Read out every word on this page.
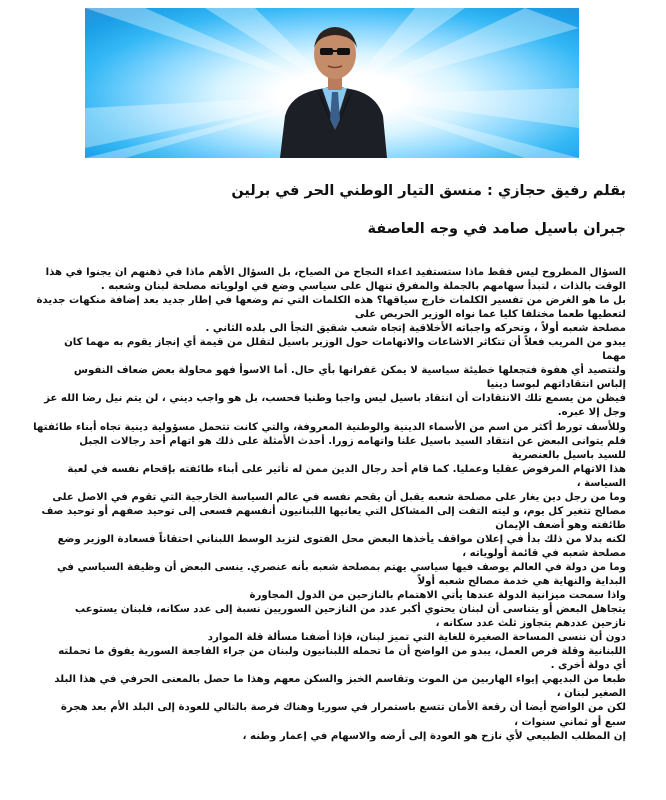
بقلم رفيق حجازي : منسق التيار الوطني الحر في برلين
جبران باسيل صامد في وجه العاصفة

السؤال المطروح ليس فقط ماذا ستستفيد اعداء النجاح من الصياح، بل السؤال الأهم ماذا في ذهنهم ان يجنوا في هذا

الوقت بالذات ، لتبدأ سهامهم بالجملة والمفرق تنهال على سياسي وضع في اولوياته مصلحة لبنان وشعبه .

بل ما هو الغرض من تفسير الكلمات خارج سياقها؟ هذه الكلمات التي تم وضعها في إطار جديد بعد إضافة منكهات جديدة

لتعطيها طعما مختلفا كليا عما نواه الوزير الحريص على

مصلحة شعبه أولاً ، وتحركه واجباته الأخلاقية إتجاه شعب شقيق التجأ الى بلده الثاني .

يبدو من المريب فعلاً أن تتكاثر الاشاعات والاتهامات حول الوزير باسيل لتقلل من قيمة أي إنجاز يقوم به مهما كان

مهما

ولتتصيد أي هفوة فتجعلها خطيئة سياسية لا يمكن غفرانها بأي حال. أما الاسوأ فهو محاولة بعض ضعاف النفوس

إلباس انتقاداتهم لبوسا دينيا

فيظن من يسمع تلك الانتقادات أن انتقاد باسيل ليس واجبا وطنيا فحسب، بل هو واجب ديني ، لن يتم نيل رضا الله عز

وجل إلا عبره.

وللأسف تورط أكثر من اسم من الأسماء الدينية والوطنية المعروفة، والتي كانت تتحمل مسؤولية دينية تجاه أبناء طائفتها

فلم يتوانى البعض عن انتقاد السيد باسيل علنا واتهامه زورا. أحدث الأمثلة على ذلك هو اتهام أحد رجالات الجبل

للسيد باسيل بالعنصرية

هذا الاتهام المرفوض عقليا وعمليا. كما قام أحد رجال الدين ممن له تأثير على أبناء طائفته بإقحام نفسه في لعبة

السياسة ،

وما من رجل دين يغار على مصلحة شعبه يقبل أن يقحم نفسه في عالم السياسة الخارجية التي تقوم في الاصل على

مصالح تتغير كل يوم، و ليته التفت إلى المشاكل التي يعانيها اللبنانيون أنفسهم فسعى إلى توحيد صفهم أو توحيد صف

طائفته وهو أضعف الإيمان

لكنه بدلا من ذلك بدأ في إعلان مواقف يأخذها البعض محل الفتوى لتزيد الوسط اللبناني احتقاناً فسعادة الوزير وضع

مصلحة شعبه في قائمة أولوياته ،

وما من دولة في العالم يوصف فيها سياسي يهتم بمصلحة شعبه بأنه عنصري. ينسى البعض أن وظيفة السياسي في

البداية والنهاية هي خدمة مصالح شعبه أولاً

واذا سمحت ميزانية الدولة عندها يأتي الاهتمام بالنازحين من الدول المجاورة

يتجاهل البعض أو يتناسى أن لبنان يحتوي أكبر عدد من النازحين السوريين نسبة إلى عدد سكانه، فلبنان يستوعب

نازحين عددهم يتجاوز ثلث عدد سكانه ،

دون أن ننسى المساحة الصغيرة للغاية التي تميز لبنان، فإذا أضفنا مسألة قلة الموارد

اللبنانية وقلة فرص العمل، يبدو من الواضح أن ما تحمله اللبنانيون ولبنان من جراء الفاجعة السورية يفوق ما تحملته

أي دولة أخرى .

طبعا من البديهي إيواء الهاربين من الموت وتقاسم الخبز والسكن معهم وهذا ما حصل بالمعنى الحرفي في هذا البلد

الصغير لبنان ،

لكن من الواضح أيضا أن رقعة الأمان تتسع باستمرار في سوريا وهناك فرصة بالتالي للعودة إلى البلد الأم بعد هجرة

سبع أو ثماني سنوات ،

إن المطلب الطبيعي لأي نازح هو العودة إلى أرضه والاسهام في إعمار وطنه ،
